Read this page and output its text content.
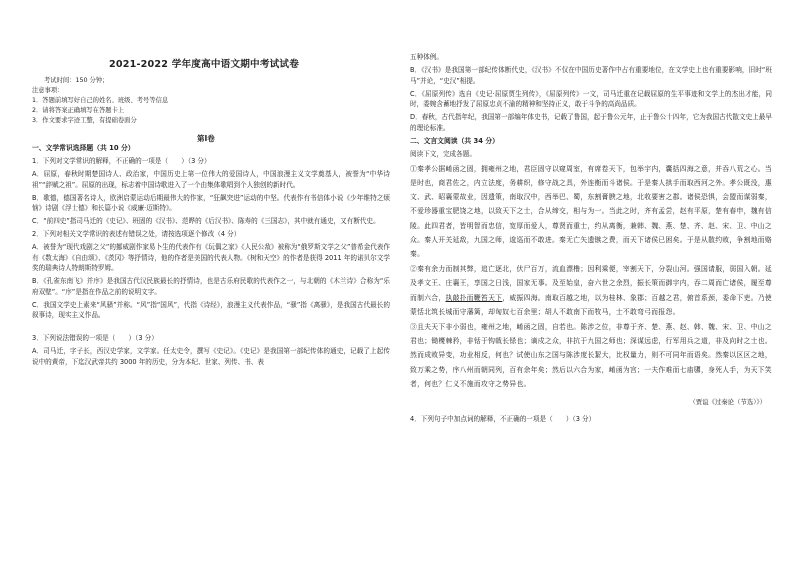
2021-2022 学年度高中语文期中考试试卷
考试时间：150 分钟；
注意事项：
1．答题前填写好自己的姓名、班级、考号等信息
2．请将答案正确填写在答题卡上
3．作文要求字迹工整，有提础卷面分
第Ⅰ卷

一、文学常识选择题（共 10 分）

1．下列对文学常识的解释，不正确的一项是（　　）（3 分）

A．屈原，春秋时期楚国诗人、政治家，中国历史上第一位伟大的爱国诗人，中国浪漫主义文学奠基人，被誉为“中华诗祖”“辞赋之祖”。屈原的出现，标志着中国诗歌进入了一个由集体歌唱到个人独创的新时代。

B．歌德，德国著名诗人，欧洲启蒙运动后期最伟大的作家，“狂飙突进”运动的中坚。代表作有书信体小说《少年维特之烦恼》诗剧《浮士德》和长篇小说《威廉·迈斯特》。

C．“前四史”指司马迁的《史记》、班固的《汉书》、范晔的《后汉书》、陈寿的《三国志》，其中就有通史，又有断代史。

2．下列对相关文学常识的表述有错误之处，请按选项逐个修改（4 分）

A．被誉为“现代戏剧之父”的挪威剧作家易卜生的代表作有《玩偶之家》《人民公敌》被称为“俄罗斯文学之父”普希金代表作有《数太海》《自由颂》、《茨冈》等抒情诗，他的作者是美国的代表人物。《树和天空》的作者是获得 2011 年的诺贝尔文学奖的瑞典诗人特朗斯特罗姆。

B．《孔雀东南飞》并序》是我国古代汉民族最长的抒情诗，也是古乐府民歌的代表作之一，与北朝的《木兰诗》合称为“乐府双壁”。“序”是指在作品之前的说明文字。

C．我国文学史上素来“风骚”并称。“风”指“国风”，代指《诗经》，浪漫主义代表作品，“骚”指《离骚》，是我国古代最长的叙事诗，现实主义作品。

3．下列说法错误的一项是（　　）（3 分）

A．司马迁，字子长，西汉史学家，文学家。任太史令，撰写《史记》。《史记》是我国第一部纪传体的通史，记载了上起传说中的黄帝，下迄汉武帝共约 3000 年的历史，分为本纪、世家、列传、书、表

五种体例。

B．《汉书》是我国第一部纪传体断代史，《汉书》不仅在中国历史著作中占有重要地位，在文学史上也有重要影响，旧时“班马”并论，“史汉”相提。

C．《屈原列传》选自《史记·屈原贾生列传》，《屈原列传》一文，司马迁重在记载屈原的生平事迹和文学上的杰出才能，同时，委婉含蓄地抒发了屈原忠贞不渝的精神和坚持正义，敢于斗争的高尚品质。

D．春秋，古代指年纪，我国第一部编年体史书，记载了鲁国，起于鲁公元年，止于鲁公十四年，它为我国古代散文史上最早的理论标准。

二、文言文阅读（共 34 分）

阅读下文，完成各题。

①秦孝公据崤函之固，拥雍州之地，君臣固守以窥周室，有席卷天下，包举宇内，囊括四海之意，并吞八荒之心。当是时也，商君佐之，内立法度，务耕织，修守战之具，外连衡而斗诸侯。于是秦人拱手而取西河之外。孝公既没，惠文、武、昭襄蒙故业，因遗策，南取汉中，西举巴、蜀，东割膏腴之地，北收要害之郡。诸侯恐惧，会盟而谋弱秦，不爱珍器重宝肥饶之地，以致天下之士，合从缔交，相与为一。当此之时，齐有孟尝，赵有平原，楚有春申，魏有信陵。此四君者，皆明智而忠信，宽厚而爱人，尊贤而重士，约从离衡，兼韩、魏、燕、楚、齐、赵、宋、卫、中山之众。秦人开关延敌，九国之师，逡巡而不敢进。秦无亡矢遗镞之费，而天下诸侯已困矣。于是从散约败，争割地而赂秦。

②秦有余力而制其弊，追亡逐北，伏尸百万，流血漂橹；因利乘便，宰割天下，分裂山河。强国请服，弱国入朝。延及孝文王、庄襄王，享国之日浅，国家无事。及至始皇，奋六世之余烈，振长策而御宇内，吞二周而亡诸侯，履至尊而制六合，执敲扑而鞭笞天下，威振四海。南取百越之地，以为桂林、象郡；百越之君，俯首系颈，委命下吏。乃使蒙恬北筑长城而守藩篱，却匈奴七百余里；胡人不敢南下而牧马，士不敢弯弓而报怨。

③且夫天下非小弱也，雍州之地，崤函之固，自若也。陈涉之位，非尊于齐、楚、燕、赵、韩、魏、宋、卫、中山之君也；锄櫌棘矜，非铦于钩戟长铩也；谪戍之众，非抗于九国之师也；深谋远虑，行军用兵之道，非及向时之士也。然而成败异变，功业相反，何也？试使山东之国与陈涉度长絜大，比权量力，则不可同年而语矣。然秦以区区之地，致万乘之势，序八州而朝同列，百有余年矣；然后以六合为家，崤函为宫；一夫作难而七庙隳，身死人手，为天下笑者，何也？仁义不施而攻守之势异也。

（贾谊《过秦论（节选）》）

4．下列句子中加点词的解释，不正确的一项是（　　）（3 分）
